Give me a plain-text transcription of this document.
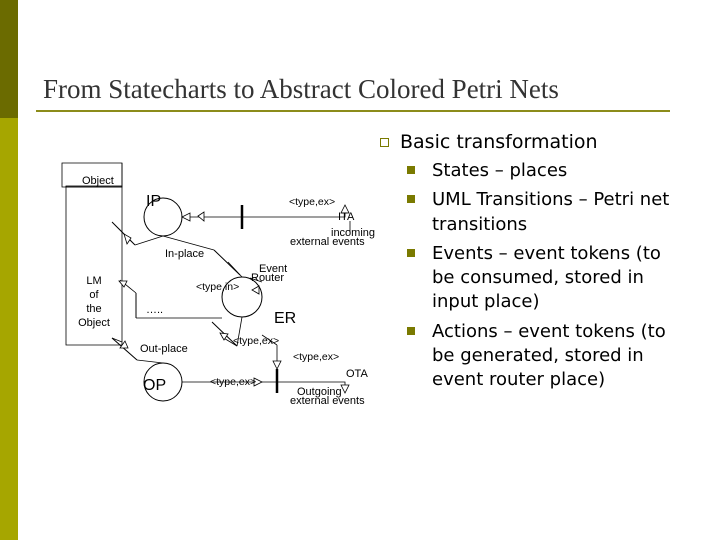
From Statecharts to Abstract Colored Petri Nets
Object
LM
of
the
Object
IP
OP
In-place
Out-place
…..	ER
<type,ex>
ITA
incoming
external events
Event
Router
<type,in>
<type,ex>
<type,ex>
OTA
<type,ex>
Outgoing
external events
Basic transformation
States – places
UML Transitions – Petri net transitions
Events – event tokens (to be consumed, stored in input place)
Actions – event tokens (to be generated, stored in event router place)
